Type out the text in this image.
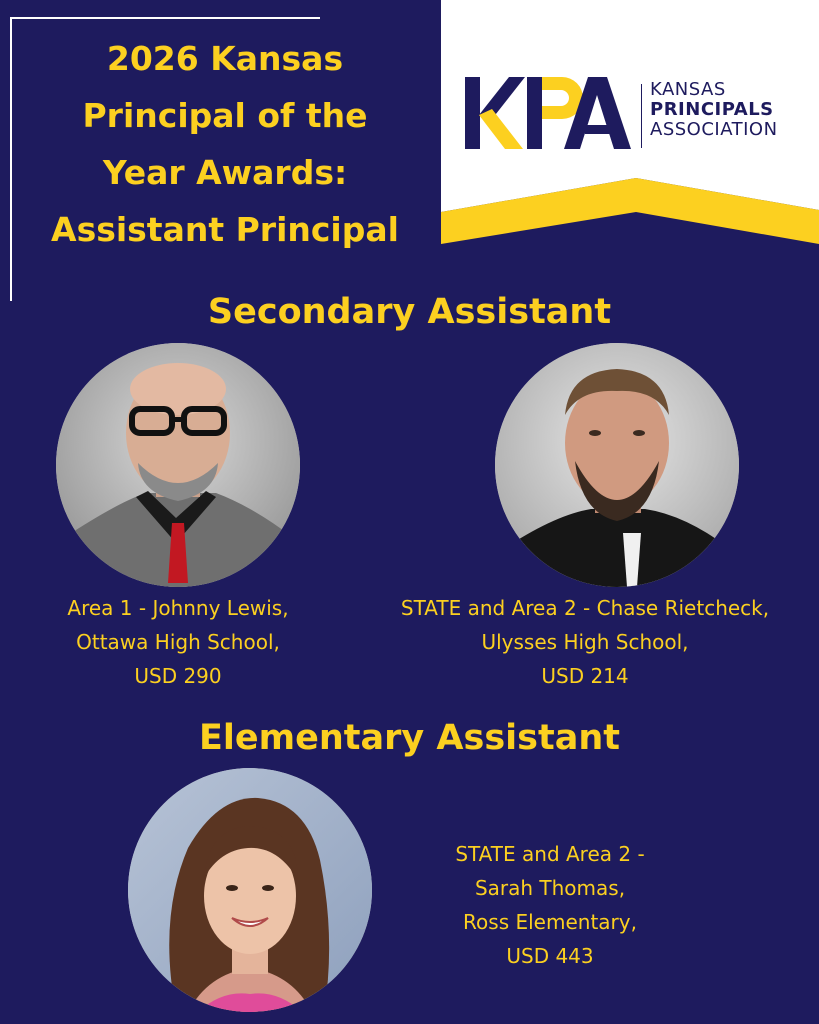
2026 Kansas
Principal of the
Year Awards:
Assistant Principal
KANSAS
PRINCIPALS
ASSOCIATION
Secondary Assistant
Area 1 - Johnny Lewis,
Ottawa High School,
USD 290
STATE and Area 2 - Chase Rietcheck,
Ulysses High School,
USD 214
Elementary Assistant
STATE and Area 2 -
Sarah Thomas,
Ross Elementary,
USD 443
